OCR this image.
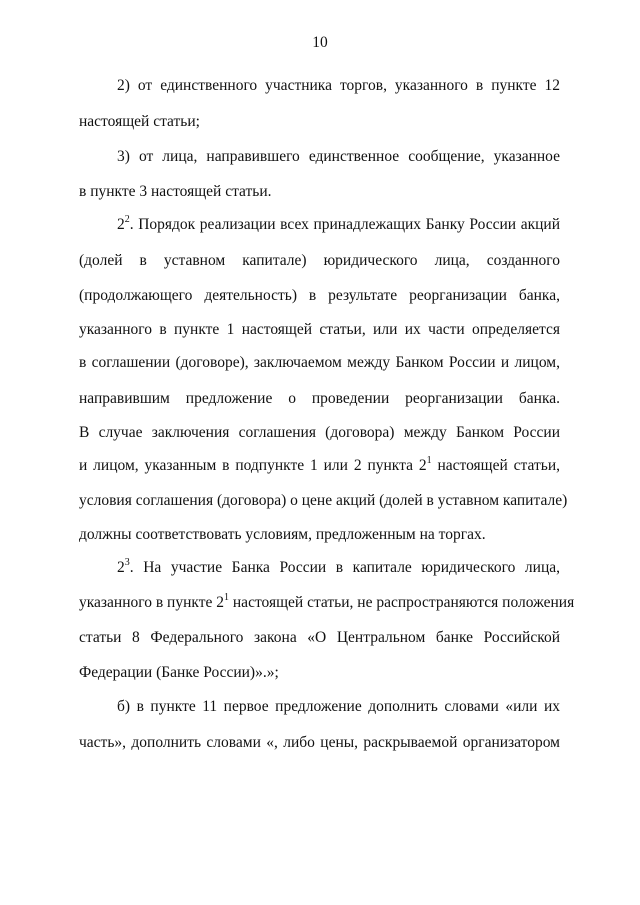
10
2) от единственного участника торгов, указанного в пункте 12
настоящей статьи;
3) от лица, направившего единственное сообщение, указанное
в пункте 3 настоящей статьи.
$2^2$. Порядок реализации всех принадлежащих Банку России акций
(долей в уставном капитале) юридического лица, созданного
(продолжающего деятельность) в результате реорганизации банка,
указанного в пункте 1 настоящей статьи, или их части определяется
в соглашении (договоре), заключаемом между Банком России и лицом,
направившим предложение о проведении реорганизации банка.
В случае заключения соглашения (договора) между Банком России
и лицом, указанным в подпункте 1 или 2 пункта $2^1$ настоящей статьи,
условия соглашения (договора) о цене акций (долей в уставном капитале)
должны соответствовать условиям, предложенным на торгах.
$2^3$. На участие Банка России в капитале юридического лица,
указанного в пункте $2^1$ настоящей статьи, не распространяются положения
статьи 8 Федерального закона «О Центральном банке Российской
Федерации (Банке России)».»;
б) в пункте 11 первое предложение дополнить словами «или их
часть», дополнить словами «, либо цены, раскрываемой организатором
